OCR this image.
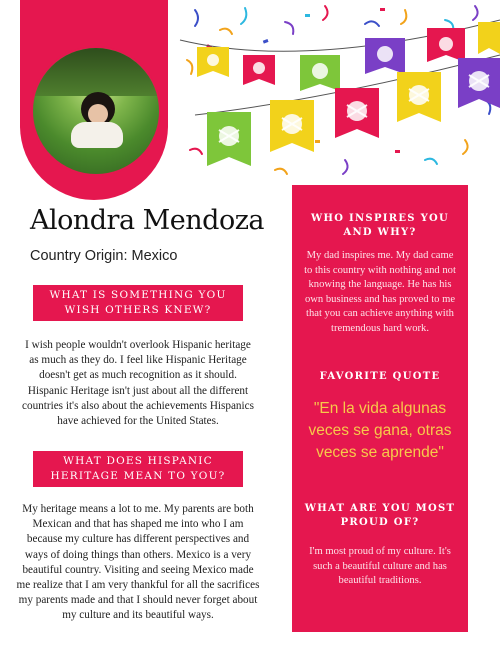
Alondra Mendoza
Country Origin: Mexico
WHAT IS SOMETHING YOU WISH OTHERS KNEW?
I wish people wouldn't overlook Hispanic heritage as much as they do. I feel like Hispanic Heritage doesn't get as much recognition as it should. Hispanic Heritage isn't just about all the different countries it's also about the achievements Hispanics have achieved for the United States.
WHAT DOES HISPANIC HERITAGE MEAN TO YOU?
My heritage means a lot to me. My parents are both Mexican and that has shaped me into who I am because my culture has different perspectives and ways of doing things than others. Mexico is a very beautiful country. Visiting and seeing Mexico made me realize that I am very thankful for all the sacrifices my parents made and that I should never forget about my culture and its beautiful ways.
WHO INSPIRES YOU AND WHY?
My dad inspires me. My dad came to this country with nothing and not knowing the language. He has his own business and has proved to me that you can achieve anything with tremendous hard work.
FAVORITE QUOTE
"En la vida algunas veces se gana, otras veces se aprende"
WHAT ARE YOU MOST PROUD OF?
I'm most proud of my culture. It's such a beautiful culture and has beautiful traditions.
